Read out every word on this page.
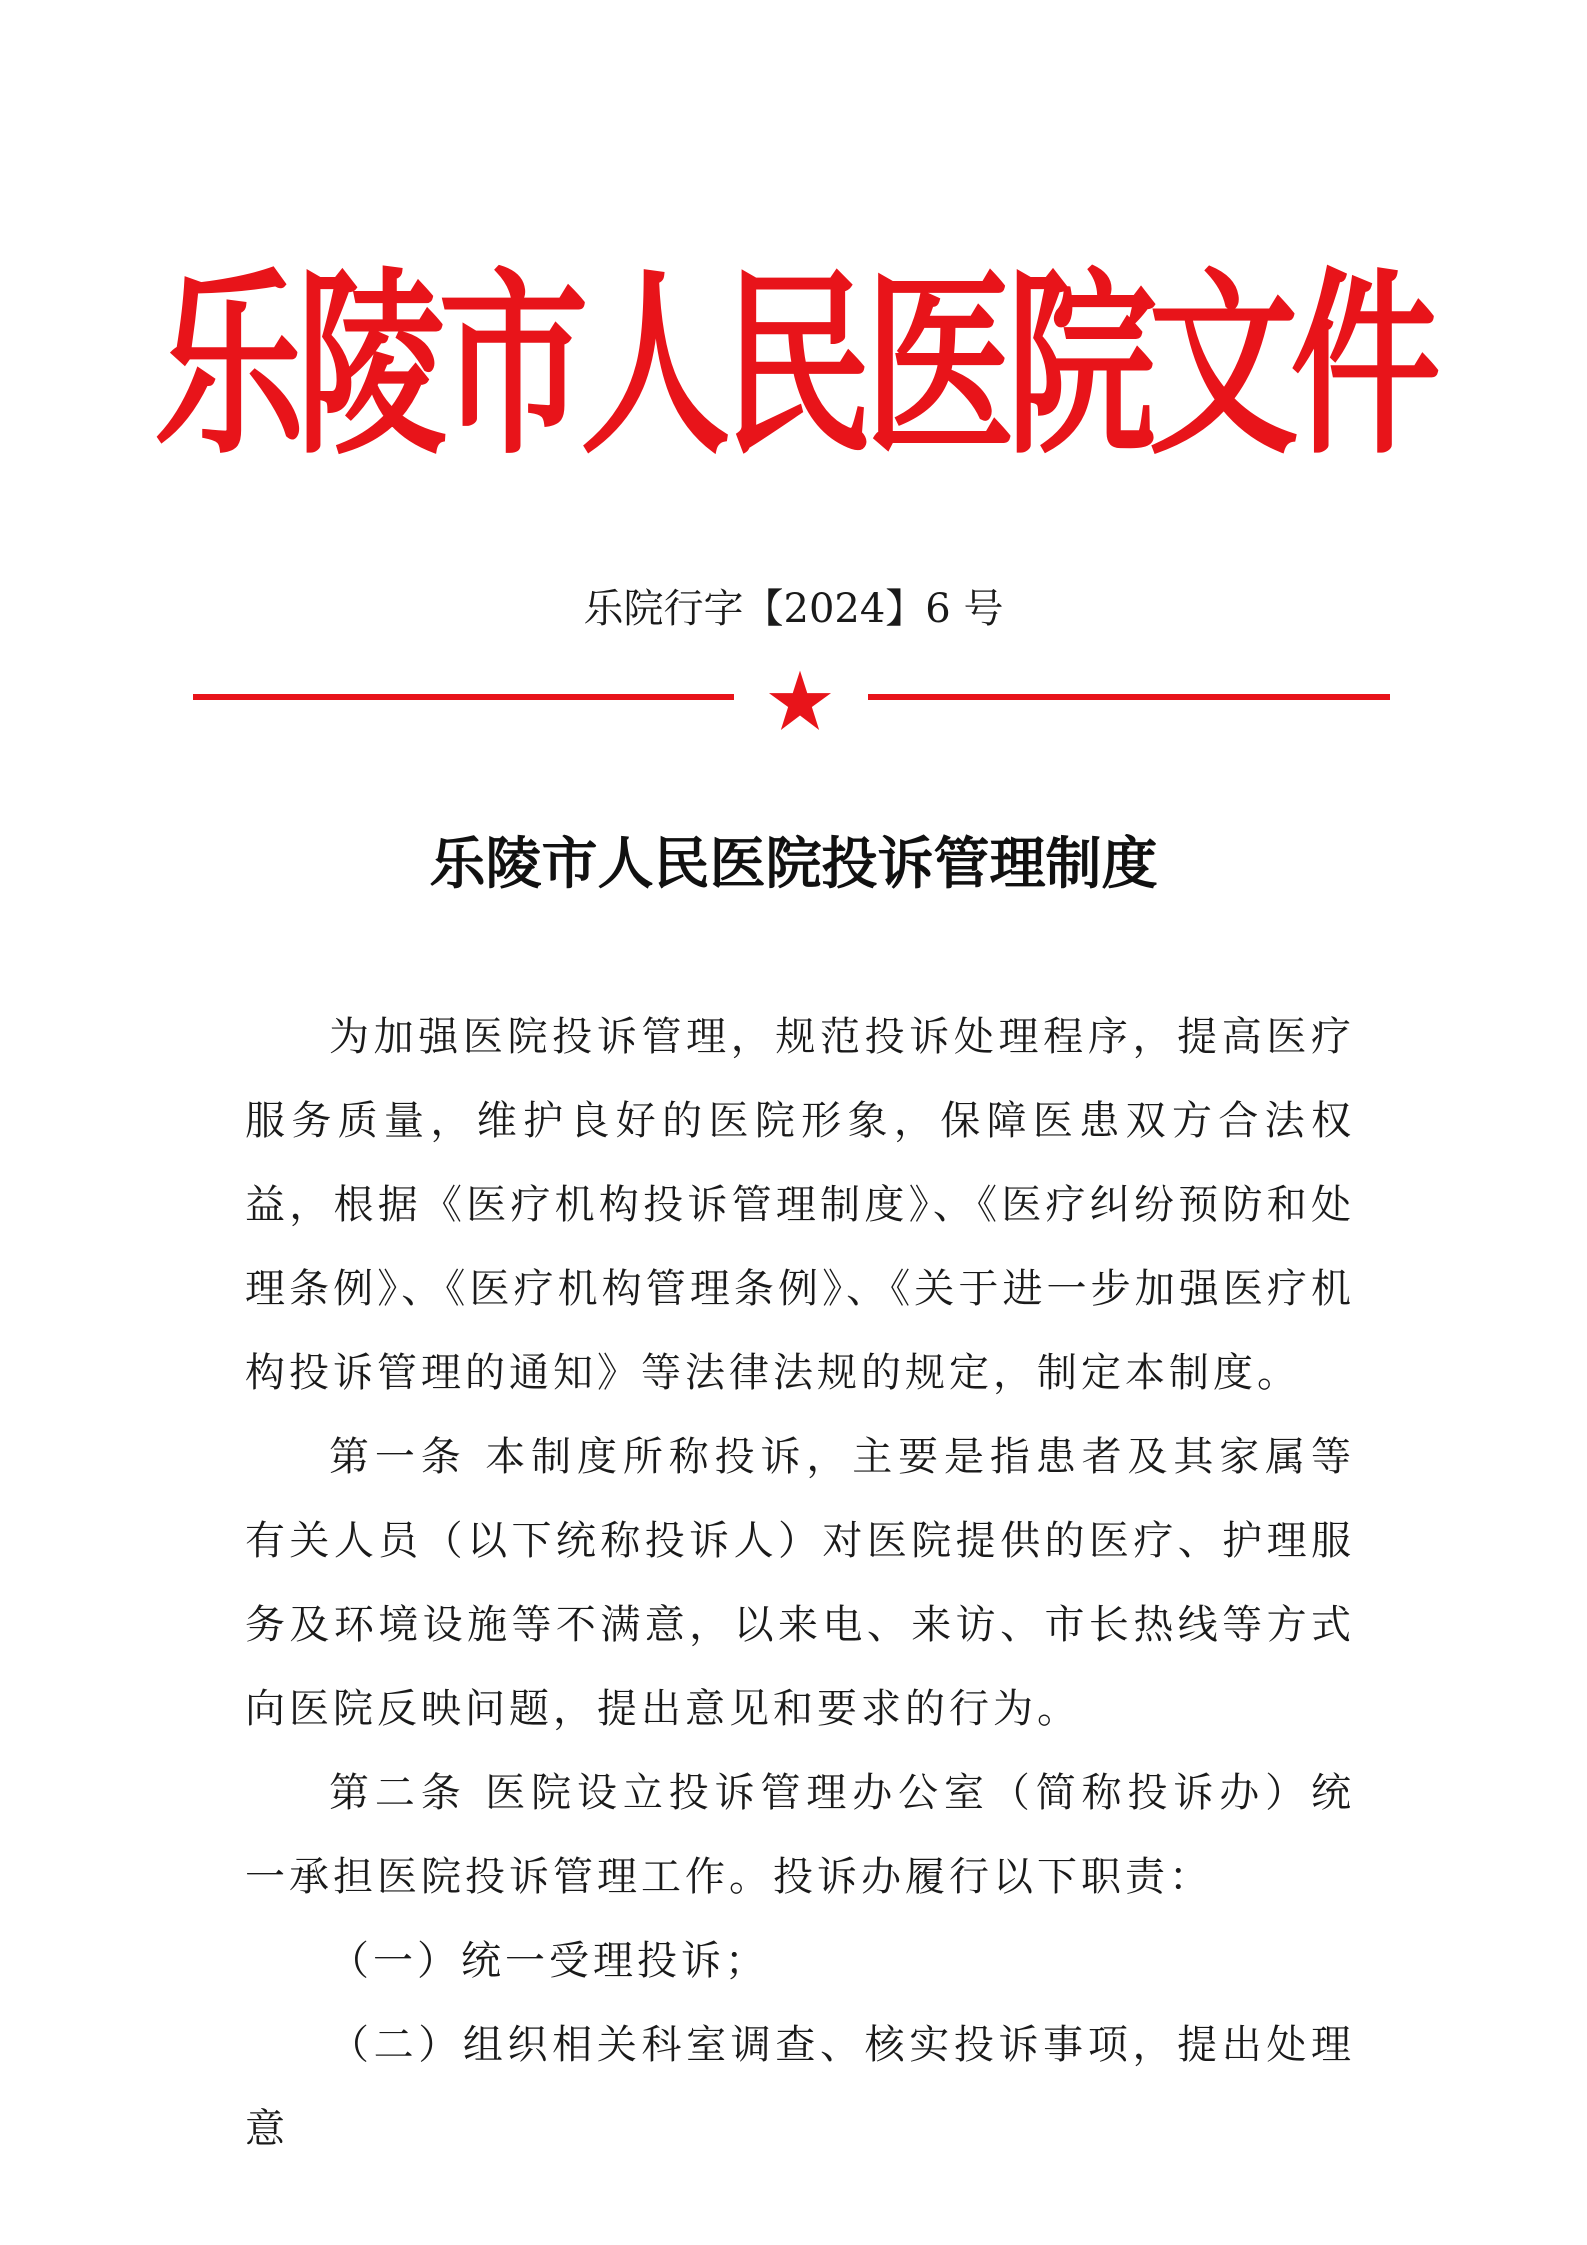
乐陵市人民医院文件
乐院行字【2024】6 号
乐陵市人民医院投诉管理制度

为加强医院投诉管理，规范投诉处理程序，提高医疗服务质量，维护良好的医院形象，保障医患双方合法权益，根据《医疗机构投诉管理制度》、《医疗纠纷预防和处理条例》、《医疗机构管理条例》、《关于进一步加强医疗机构投诉管理的通知》等法律法规的规定，制定本制度。

第一条 本制度所称投诉，主要是指患者及其家属等有关人员（以下统称投诉人）对医院提供的医疗、护理服务及环境设施等不满意，以来电、来访、市长热线等方式向医院反映问题，提出意见和要求的行为。

第二条 医院设立投诉管理办公室（简称投诉办）统一承担医院投诉管理工作。投诉办履行以下职责：

（一）统一受理投诉；

（二）组织相关科室调查、核实投诉事项，提出处理意
